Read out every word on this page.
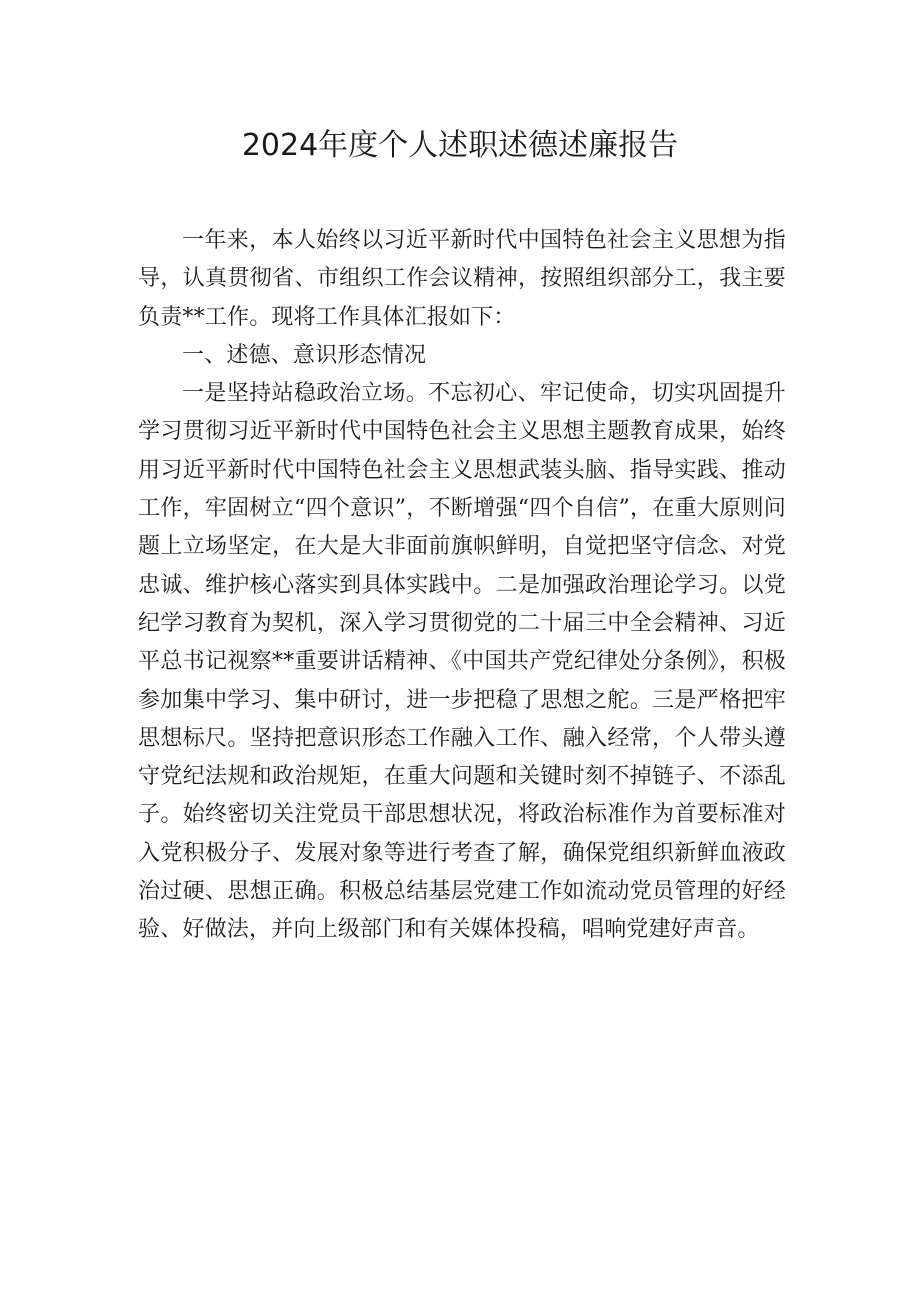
2024年度个人述职述德述廉报告

一年来，本人始终以习近平新时代中国特色社会主义思想为指导，认真贯彻省、市组织工作会议精神，按照组织部分工，我主要负责**工作。现将工作具体汇报如下：

一、述德、意识形态情况

一是坚持站稳政治立场。不忘初心、牢记使命，切实巩固提升学习贯彻习近平新时代中国特色社会主义思想主题教育成果，始终用习近平新时代中国特色社会主义思想武装头脑、指导实践、推动工作，牢固树立“四个意识”，不断增强“四个自信”，在重大原则问题上立场坚定，在大是大非面前旗帜鲜明，自觉把坚守信念、对党忠诚、维护核心落实到具体实践中。二是加强政治理论学习。以党纪学习教育为契机，深入学习贯彻党的二十届三中全会精神、习近平总书记视察**重要讲话精神、《中国共产党纪律处分条例》，积极参加集中学习、集中研讨，进一步把稳了思想之舵。三是严格把牢思想标尺。坚持把意识形态工作融入工作、融入经常，个人带头遵守党纪法规和政治规矩，在重大问题和关键时刻不掉链子、不添乱子。始终密切关注党员干部思想状况，将政治标准作为首要标准对入党积极分子、发展对象等进行考查了解，确保党组织新鲜血液政治过硬、思想正确。积极总结基层党建工作如流动党员管理的好经验、好做法，并向上级部门和有关媒体投稿，唱响党建好声音。
